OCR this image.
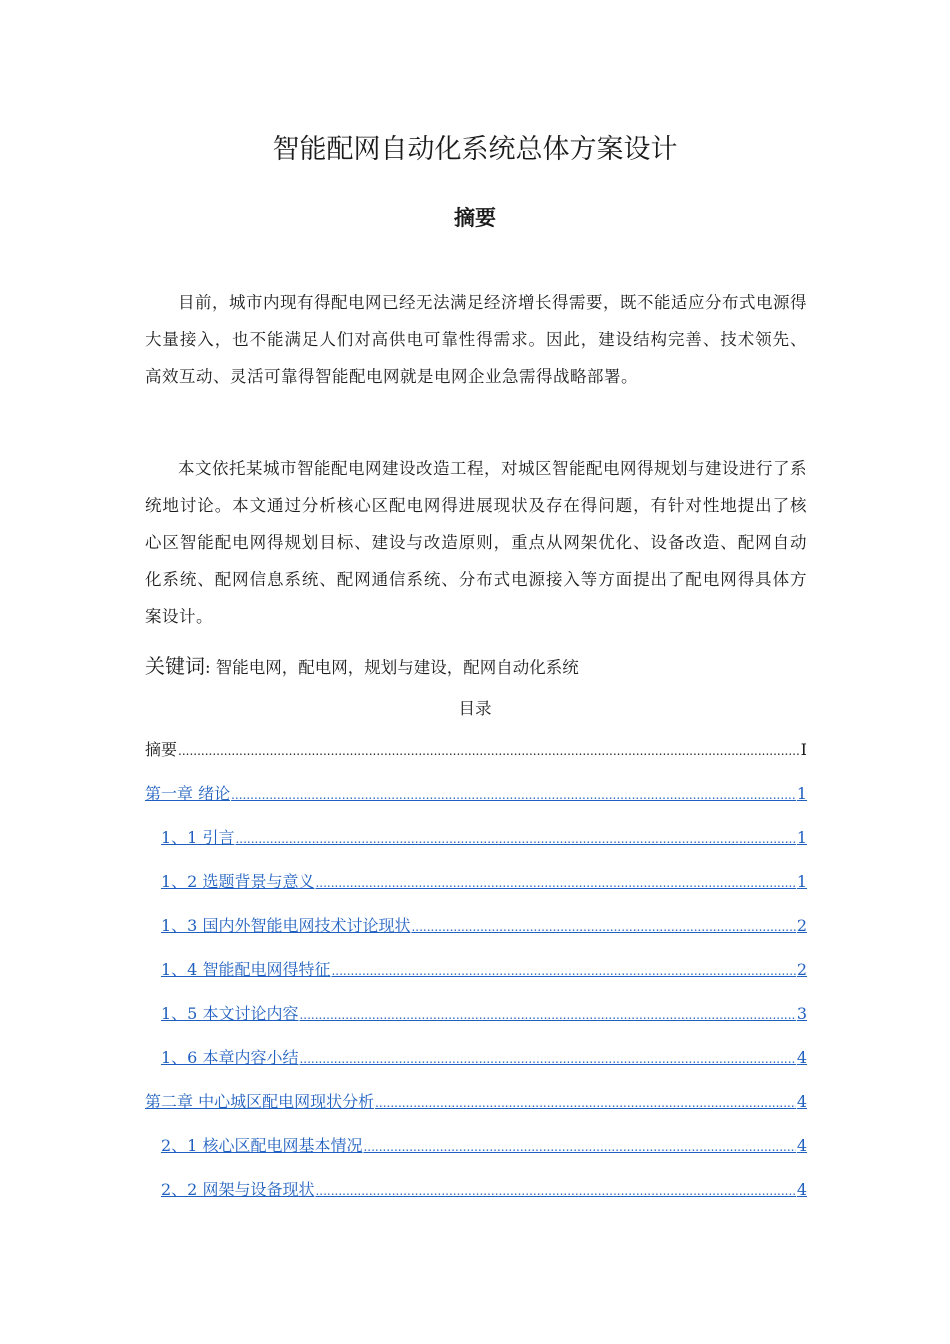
智能配网自动化系统总体方案设计
摘要

目前，城市内现有得配电网已经无法满足经济增长得需要，既不能适应分布式电源得大量接入，也不能满足人们对高供电可靠性得需求。因此，建设结构完善、技术领先、高效互动、灵活可靠得智能配电网就是电网企业急需得战略部署。

本文依托某城市智能配电网建设改造工程，对城区智能配电网得规划与建设进行了系统地讨论。本文通过分析核心区配电网得进展现状及存在得问题，有针对性地提出了核心区智能配电网得规划目标、建设与改造原则，重点从网架优化、设备改造、配网自动化系统、配网信息系统、配网通信系统、分布式电源接入等方面提出了配电网得具体方案设计。

关键词: 智能电网，配电网，规划与建设，配网自动化系统
目录
摘要 .....	I
第一章 绪论 .....	1
1、1 引言 .....	1
1、2 选题背景与意义 .....	1
1、3 国内外智能电网技术讨论现状 .....	2
1、4 智能配电网得特征 .....	2
1、5 本文讨论内容 .....	3
1、6 本章内容小结 .....	4
第二章 中心城区配电网现状分析 .....	4
2、1 核心区配电网基本情况 .....	4
2、2 网架与设备现状 .....	4
